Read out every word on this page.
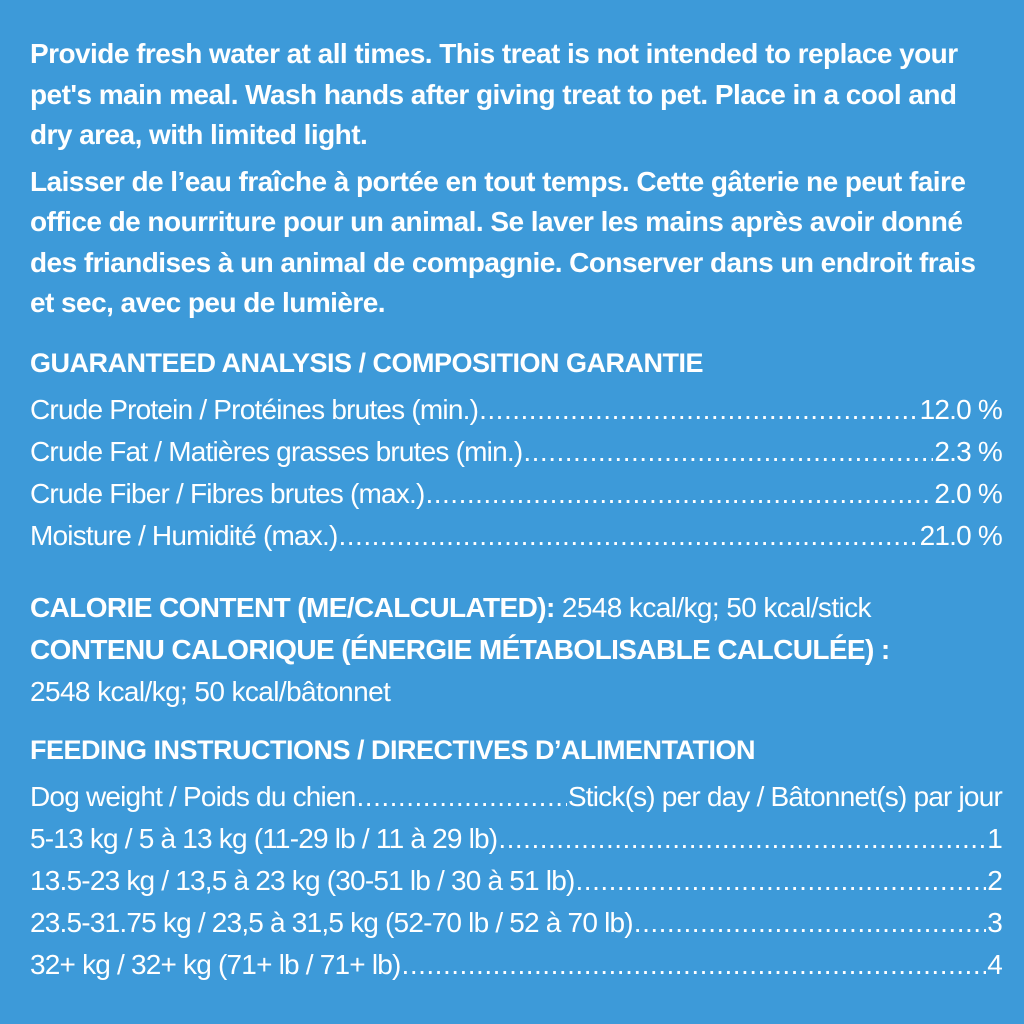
Provide fresh water at all times. This treat is not intended to replace your pet's main meal. Wash hands after giving treat to pet. Place in a cool and dry area, with limited light.

Laisser de l’eau fraîche à portée en tout temps. Cette gâterie ne peut faire office de nourriture pour un animal. Se laver les mains après avoir donné des friandises à un animal de compagnie. Conserver dans un endroit frais et sec, avec peu de lumière.

GUARANTEED ANALYSIS / COMPOSITION GARANTIE
Crude Protein / Protéines brutes (min.) .....	12.0 %
Crude Fat / Matières grasses brutes (min.) .....	2.3 %
Crude Fiber / Fibres brutes (max.) .....	2.0 %
Moisture / Humidité (max.) .....	21.0 %
CALORIE CONTENT (ME/CALCULATED): 2548 kcal/kg; 50 kcal/stick
CONTENU CALORIQUE (ÉNERGIE MÉTABOLISABLE CALCULÉE) :
2548 kcal/kg; 50 kcal/bâtonnet
FEEDING INSTRUCTIONS / DIRECTIVES D’ALIMENTATION
Dog weight / Poids du chien .....	Stick(s) per day / Bâtonnet(s) par jour
5-13 kg / 5 à 13 kg (11-29 lb / 11 à 29 lb) .....	1
13.5-23 kg / 13,5 à 23 kg (30-51 lb / 30 à 51 lb) .....	2
23.5-31.75 kg / 23,5 à 31,5 kg (52-70 lb / 52 à 70 lb) .....	3
32+ kg / 32+ kg (71+ lb / 71+ lb) .....	4
